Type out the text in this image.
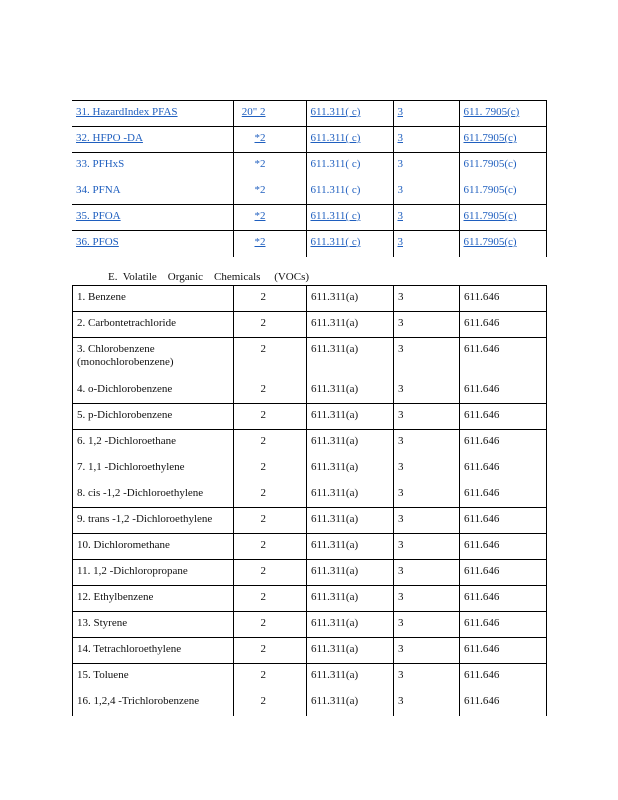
31. HazardIndex PFAS	20" 2	611.311( c)	3	611. 7905(c)
32. HFPO -DA	*2	611.311( c)	3	611.7905(c)
33. PFHxS	*2	611.311( c)	3	611.7905(c)
34. PFNA	*2	611.311( c)	3	611.7905(c)
35. PFOA	*2	611.311( c)	3	611.7905(c)
36. PFOS	*2	611.311( c)	3	611.7905(c)
E.  Volatile    Organic    Chemicals     (VOCs)
1. Benzene	2	611.311(a)	3	611.646
2. Carbontetrachloride	2	611.311(a)	3	611.646
3. Chlorobenzene
(monochlorobenzene)	2	611.311(a)	3	611.646
4. o-Dichlorobenzene	2	611.311(a)	3	611.646
5. p-Dichlorobenzene	2	611.311(a)	3	611.646
6. 1,2 -Dichloroethane	2	611.311(a)	3	611.646
7. 1,1 -Dichloroethylene	2	611.311(a)	3	611.646
8. cis -1,2 -Dichloroethylene	2	611.311(a)	3	611.646
9. trans -1,2 -Dichloroethylene	2	611.311(a)	3	611.646
10. Dichloromethane	2	611.311(a)	3	611.646
11. 1,2 -Dichloropropane	2	611.311(a)	3	611.646
12. Ethylbenzene	2	611.311(a)	3	611.646
13. Styrene	2	611.311(a)	3	611.646
14. Tetrachloroethylene	2	611.311(a)	3	611.646
15. Toluene	2	611.311(a)	3	611.646
16. 1,2,4 -Trichlorobenzene	2	611.311(a)	3	611.646
